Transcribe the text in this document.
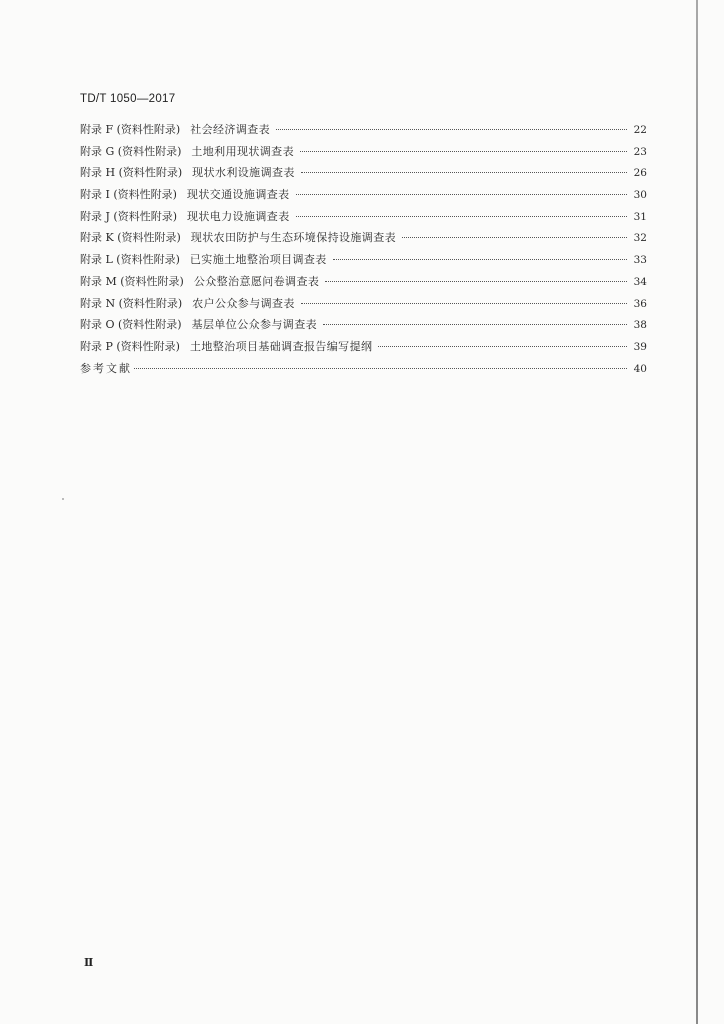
TD/T 1050—2017
附录 F (资料性附录) 社会经济调查表	22
附录 G (资料性附录) 土地利用现状调查表	23
附录 H (资料性附录) 现状水利设施调查表	26
附录 I (资料性附录) 现状交通设施调查表	30
附录 J (资料性附录) 现状电力设施调查表	31
附录 K (资料性附录) 现状农田防护与生态环境保持设施调查表	32
附录 L (资料性附录) 已实施土地整治项目调查表	33
附录 M (资料性附录) 公众整治意愿问卷调查表	34
附录 N (资料性附录) 农户公众参与调查表	36
附录 O (资料性附录) 基层单位公众参与调查表	38
附录 P (资料性附录) 土地整治项目基础调查报告编写提纲	39
参考文献	40
Ⅱ
